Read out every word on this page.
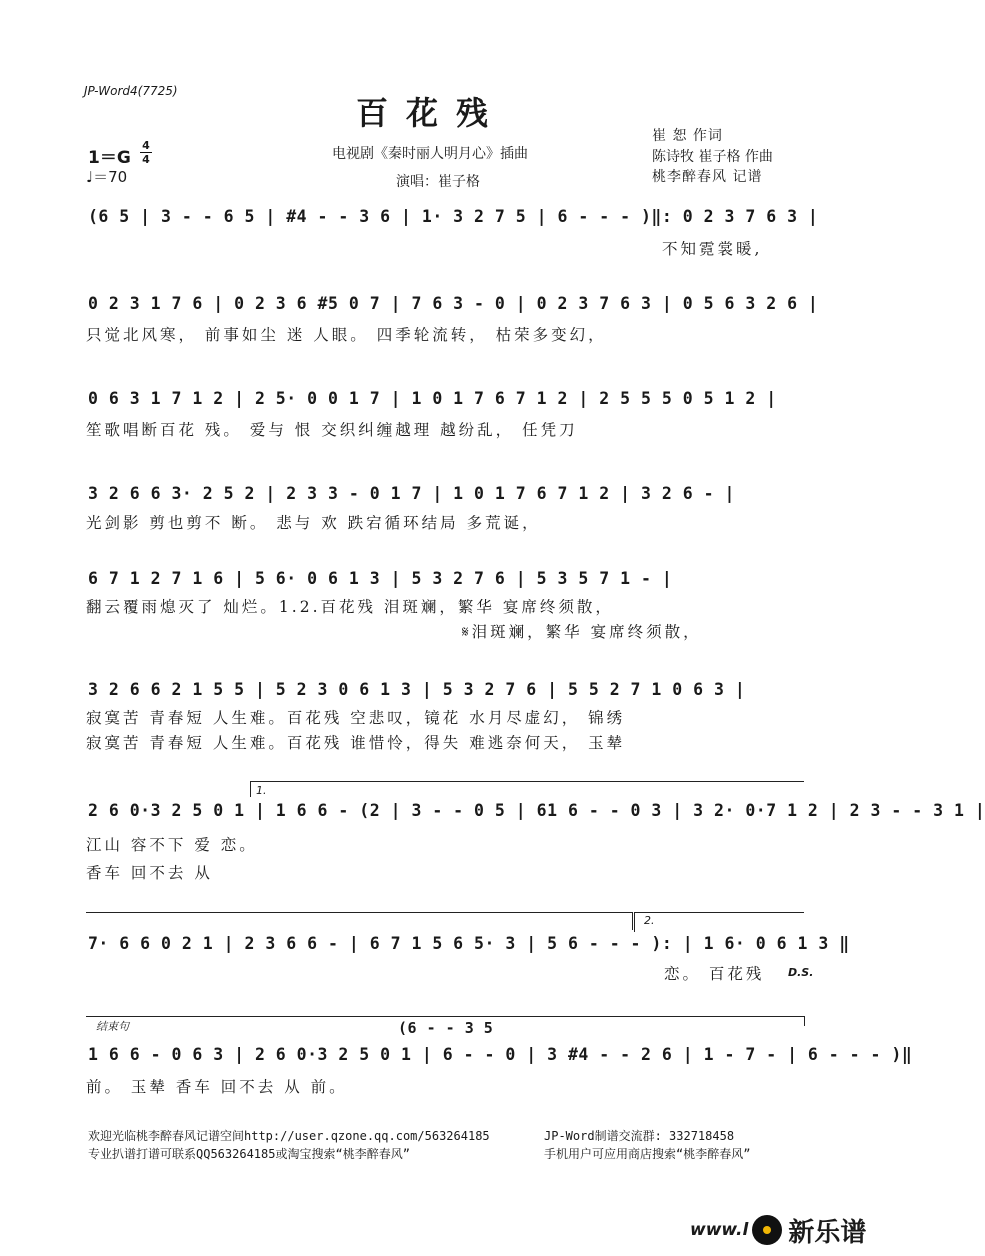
JP-Word4(7725)
百花残
电视剧《秦时丽人明月心》插曲
演唱：崔子格
1＝G
4
4
♩＝70
崔 恕 作词
陈诗牧 崔子格 作曲
桃李醉春风 记谱
(6 5 | 3 - - 6 5 | #4 - - 3 6 | 1· 3 2 7 5 | 6 - - - )‖: 0 2 3 7 6 3 |
不知霓裳暖,
0 2 3 1 7 6 | 0 2 3 6 #5 0 7 | 7 6 3 - 0 | 0 2 3 7 6 3 | 0 5 6 3 2 6 |
只觉北风寒， 前事如尘 迷 人眼。 四季轮流转， 枯荣多变幻，
0 6 3 1 7 1 2 | 2 5· 0 0 1 7 | 1 0 1 7 6 7 1 2 | 2 5 5 5 0 5 1 2 |
笙歌唱断百花 残。 爱与 恨 交织纠缠越理 越纷乱， 任凭刀
3 2 6 6 3· 2 5 2 | 2 3 3 - 0 1 7 | 1 0 1 7 6 7 1 2 | 3 2 6 - |
光剑影 剪也剪不 断。 悲与 欢 跌宕循环结局 多荒诞，
6 7 1 2 7 1 6 | 5 6· 0 6 1 3 | 5 3 2 7 6 | 5 3 5 7 1 - |
翻云覆雨熄灭了 灿烂。1.2.百花残 泪斑斓，繁华 宴席终须散，
𝄋泪斑斓，繁华 宴席终须散，
3 2 6 6 2 1 5 5 | 5 2 3 0 6 1 3 | 5 3 2 7 6 | 5 5 2 7 1 0 6 3 |
寂寞苦 青春短 人生难。百花残 空悲叹，镜花 水月尽虚幻， 锦绣
寂寞苦 青春短 人生难。百花残 谁惜怜，得失 难逃奈何天， 玉辇
1.
2 6 0·3 2 5 0 1 | 1 6 6 - (2 | 3 - - 0 5 | 61 6 - - 0 3 | 3 2· 0·7 1 2 | 2 3 - - 3 1 |
江山 容不下 爱 恋。
香车 回不去 从
2.
7· 6 6 0 2 1 | 2 3 6 6 - | 6 7 1 5 6 5· 3 | 5 6 - - - ): | 1 6· 0 6 1 3 ‖
恋。 百花残 D.S.
结束句	(6 - - 3 5
1 6 6 - 0 6 3 | 2 6 0·3 2 5 0 1 | 6 - - 0 | 3 #4 - - 2 6 | 1 - 7 - | 6 - - - )‖
前。 玉辇 香车 回不去 从 前。
欢迎光临桃李醉春风记谱空间http://user.qzone.qq.com/563264185	JP-Word制谱交流群: 332718458
专业扒谱打谱可联系QQ563264185或淘宝搜索“桃李醉春风”	手机用户可应用商店搜索“桃李醉春风”
www.l 新乐谱
